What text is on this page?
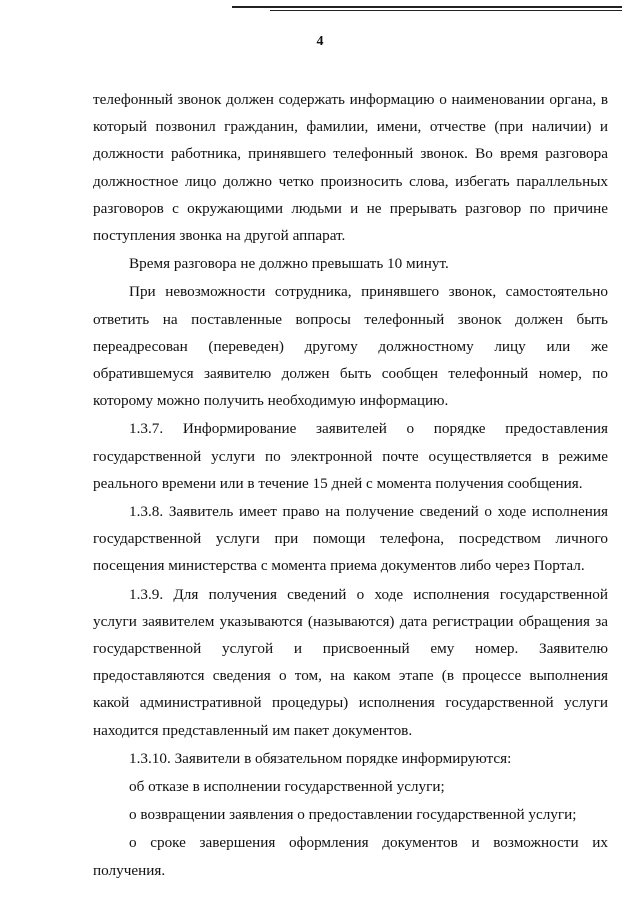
4

телефонный звонок должен содержать информацию о наименовании органа, в который позвонил гражданин, фамилии, имени, отчестве (при наличии) и должности работника, принявшего телефонный звонок. Во время разговора должностное лицо должно четко произносить слова, избегать параллельных разговоров с окружающими людьми и не прерывать разговор по причине поступления звонка на другой аппарат.

Время разговора не должно превышать 10 минут.

При невозможности сотрудника, принявшего звонок, самостоятельно ответить на поставленные вопросы телефонный звонок должен быть переадресован (переведен) другому должностному лицу или же обратившемуся заявителю должен быть сообщен телефонный номер, по которому можно получить необходимую информацию.

1.3.7. Информирование заявителей о порядке предоставления государственной услуги по электронной почте осуществляется в режиме реального времени или в течение 15 дней с момента получения сообщения.

1.3.8. Заявитель имеет право на получение сведений о ходе исполнения государственной услуги при помощи телефона, посредством личного посещения министерства с момента приема документов либо через Портал.

1.3.9. Для получения сведений о ходе исполнения государственной услуги заявителем указываются (называются) дата регистрации обращения за государственной услугой и присвоенный ему номер. Заявителю предоставляются сведения о том, на каком этапе (в процессе выполнения какой административной процедуры) исполнения государственной услуги находится представленный им пакет документов.

1.3.10. Заявители в обязательном порядке информируются:

об отказе в исполнении государственной услуги;

о возвращении заявления о предоставлении государственной услуги;

о сроке завершения оформления документов и возможности их получения.
